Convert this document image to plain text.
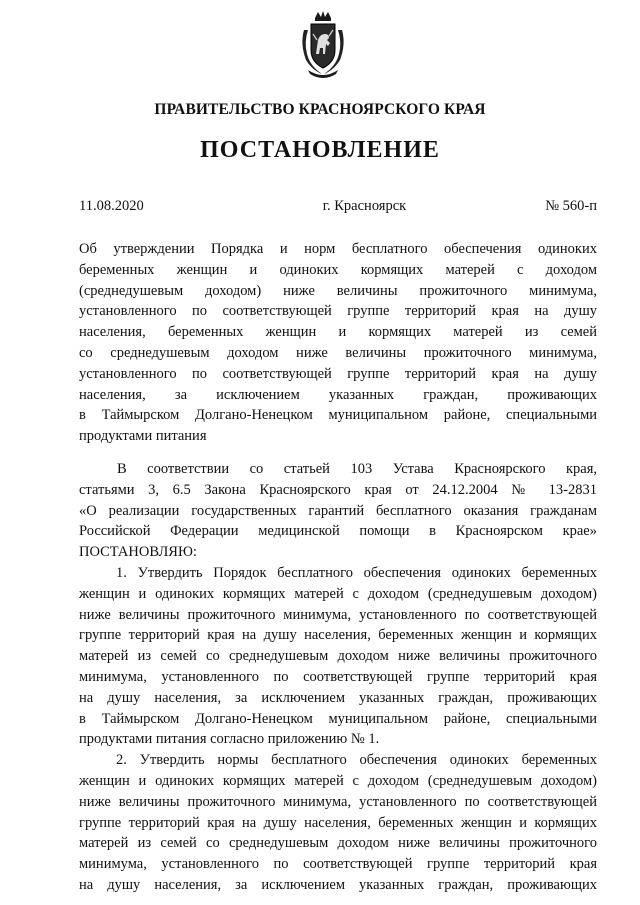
ПРАВИТЕЛЬСТВО КРАСНОЯРСКОГО КРАЯ
ПОСТАНОВЛЕНИЕ
11.08.2020	г. Красноярск	№ 560-п
Об утверждении Порядка и норм бесплатного обеспечения одиноких
беременных женщин и одиноких кормящих матерей с доходом
(среднедушевым доходом) ниже величины прожиточного минимума,
установленного по соответствующей группе территорий края на душу
населения, беременных женщин и кормящих матерей из семей
со среднедушевым доходом ниже величины прожиточного минимума,
установленного по соответствующей группе территорий края на душу
населения, за исключением указанных граждан, проживающих
в Таймырском Долгано-Ненецком муниципальном районе, специальными
продуктами питания
В соответствии со статьей 103 Устава Красноярского края,
статьями 3, 6.5 Закона Красноярского края от 24.12.2004 № 13-2831
«О реализации государственных гарантий бесплатного оказания гражданам
Российской Федерации медицинской помощи в Красноярском крае»
ПОСТАНОВЛЯЮ:
1. Утвердить Порядок бесплатного обеспечения одиноких беременных
женщин и одиноких кормящих матерей с доходом (среднедушевым доходом)
ниже величины прожиточного минимума, установленного по соответствующей
группе территорий края на душу населения, беременных женщин и кормящих
матерей из семей со среднедушевым доходом ниже величины прожиточного
минимума, установленного по соответствующей группе территорий края
на душу населения, за исключением указанных граждан, проживающих
в Таймырском Долгано-Ненецком муниципальном районе, специальными
продуктами питания согласно приложению № 1.
2. Утвердить нормы бесплатного обеспечения одиноких беременных
женщин и одиноких кормящих матерей с доходом (среднедушевым доходом)
ниже величины прожиточного минимума, установленного по соответствующей
группе территорий края на душу населения, беременных женщин и кормящих
матерей из семей со среднедушевым доходом ниже величины прожиточного
минимума, установленного по соответствующей группе территорий края
на душу населения, за исключением указанных граждан, проживающих
